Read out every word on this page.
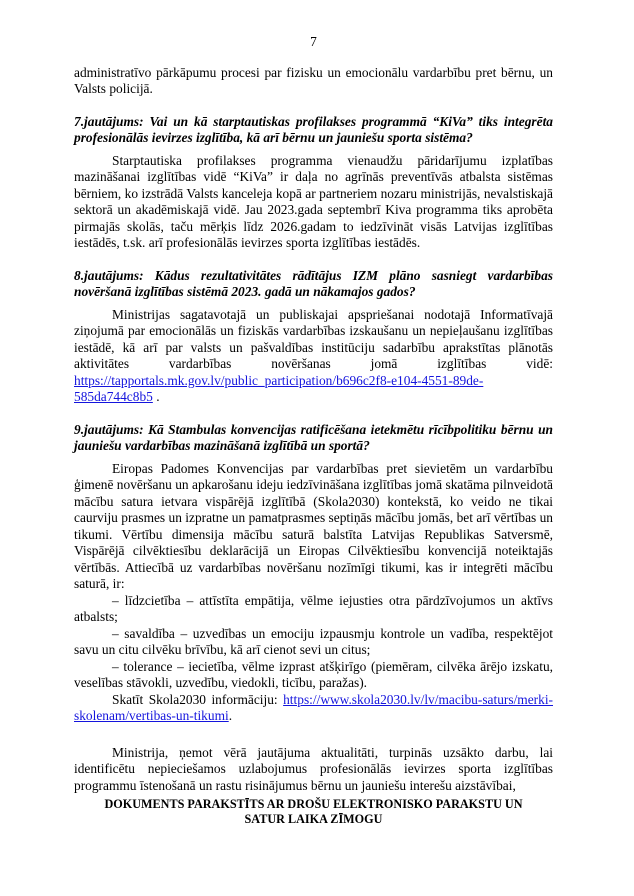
7

administratīvo pārkāpumu procesi par fizisku un emocionālu vardarbību pret bērnu, un Valsts policijā.

7.jautājums: Vai un kā starptautiskas profilakses programmā “KiVa” tiks integrēta profesionālās ievirzes izglītība, kā arī bērnu un jauniešu sporta sistēma?

Starptautiska profilakses programma vienaudžu pāridarījumu izplatības mazināšanai izglītības vidē “KiVa” ir daļa no agrīnās preventīvās atbalsta sistēmas bērniem, ko izstrādā Valsts kanceleja kopā ar partneriem nozaru ministrijās, nevalstiskajā sektorā un akadēmiskajā vidē. Jau 2023.gada septembrī Kiva programma tiks aprobēta pirmajās skolās, taču mērķis līdz 2026.gadam to iedzīvināt visās Latvijas izglītības iestādēs, t.sk. arī profesionālās ievirzes sporta izglītības iestādēs.

8.jautājums: Kādus rezultativitātes rādītājus IZM plāno sasniegt vardarbības novēršanā izglītības sistēmā 2023. gadā un nākamajos gados?

Ministrijas sagatavotajā un publiskajai apspriešanai nodotajā Informatīvajā ziņojumā par emocionālās un fiziskās vardarbības izskaušanu un nepieļaušanu izglītības iestādē, kā arī par valsts un pašvaldības institūciju sadarbību aprakstītas plānotās aktivitātes vardarbības novēršanas jomā izglītības vidē: https://tapportals.mk.gov.lv/public_participation/b696c2f8-e104-4551-89de-585da744c8b5 .

9.jautājums: Kā Stambulas konvencijas ratificēšana ietekmētu rīcībpolitiku bērnu un jauniešu vardarbības mazināšanā izglītībā un sportā?

Eiropas Padomes Konvencijas par vardarbības pret sievietēm un vardarbību ģimenē novēršanu un apkarošanu ideju iedzīvināšana izglītības jomā skatāma pilnveidotā mācību satura ietvara vispārējā izglītībā (Skola2030) kontekstā, ko veido ne tikai caurviju prasmes un izpratne un pamatprasmes septiņās mācību jomās, bet arī vērtības un tikumi. Vērtību dimensija mācību saturā balstīta Latvijas Republikas Satversmē, Vispārējā cilvēktiesību deklarācijā un Eiropas Cilvēktiesību konvencijā noteiktajās vērtībās. Attiecībā uz vardarbības novēršanu nozīmīgi tikumi, kas ir integrēti mācību saturā, ir:

– līdzcietība – attīstīta empātija, vēlme iejusties otra pārdzīvojumos un aktīvs atbalsts;

– savaldība – uzvedības un emociju izpausmju kontrole un vadība, respektējot savu un citu cilvēku brīvību, kā arī cienot sevi un citus;

– tolerance – iecietība, vēlme izprast atšķirīgo (piemēram, cilvēka ārējo izskatu, veselības stāvokli, uzvedību, viedokli, ticību, paražas).

Skatīt Skola2030 informāciju: https://www.skola2030.lv/lv/macibu-saturs/merki-skolenam/vertibas-un-tikumi.

Ministrija, ņemot vērā jautājuma aktualitāti, turpinās uzsākto darbu, lai identificētu nepieciešamos uzlabojumus profesionālās ievirzes sporta izglītības programmu īstenošanā un rastu risinājumus bērnu un jauniešu interešu aizstāvībai,

DOKUMENTS PARAKSTĪTS AR DROŠU ELEKTRONISKO PARAKSTU UN
SATUR LAIKA ZĪMOGU
